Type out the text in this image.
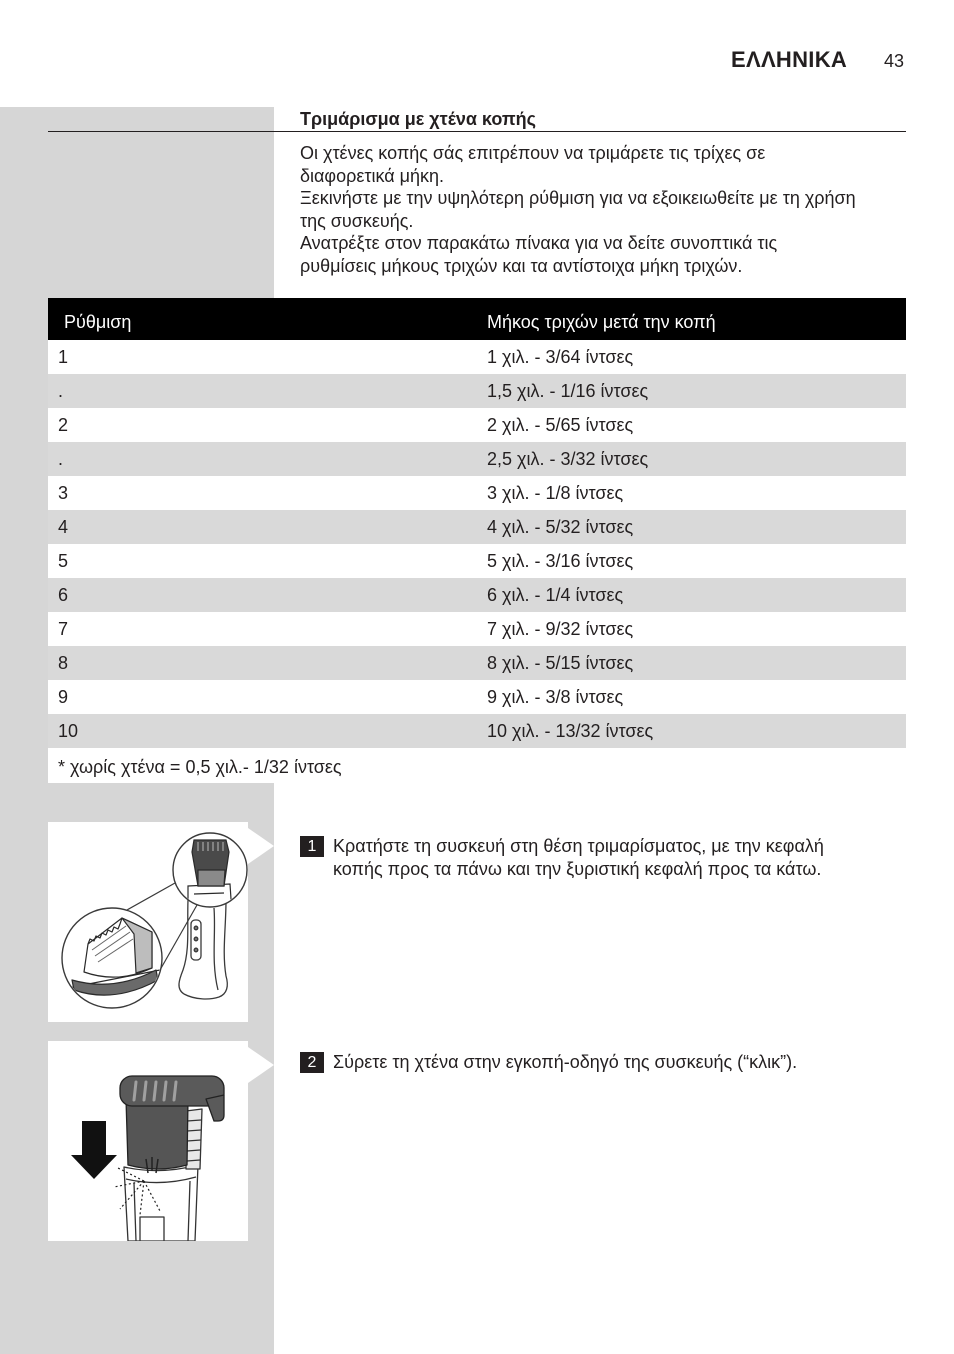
ΕΛΛΗΝΙΚΑ 43
Τριμάρισμα με χτένα κοπής
Οι χτένες κοπής σάς επιτρέπουν να τριμάρετε τις τρίχες σε
διαφορετικά μήκη.
Ξεκινήστε με την υψηλότερη ρύθμιση για να εξοικειωθείτε με τη χρήση
της συσκευής.
Ανατρέξτε στον παρακάτω πίνακα για να δείτε συνοπτικά τις
ρυθμίσεις μήκους τριχών και τα αντίστοιχα μήκη τριχών.
Ρύθμιση	Μήκος τριχών μετά την κοπή
1	1 χιλ. - 3/64 ίντσες
.	1,5 χιλ. - 1/16 ίντσες
2	2 χιλ. - 5/65 ίντσες
.	2,5 χιλ. - 3/32 ίντσες
3	3 χιλ. - 1/8 ίντσες
4	4 χιλ. - 5/32 ίντσες
5	5 χιλ. - 3/16 ίντσες
6	6 χιλ. - 1/4 ίντσες
7	7 χιλ. - 9/32 ίντσες
8	8 χιλ. - 5/15 ίντσες
9	9 χιλ. - 3/8 ίντσες
10	10 χιλ. - 13/32 ίντσες
* χωρίς χτένα = 0,5 χιλ.- 1/32 ίντσες
1 Κρατήστε τη συσκευή στη θέση τριμαρίσματος, με την κεφαλή
κοπής προς τα πάνω και την ξυριστική κεφαλή προς τα κάτω.
2 Σύρετε τη χτένα στην εγκοπή-οδηγό της συσκευής (“κλικ”).
